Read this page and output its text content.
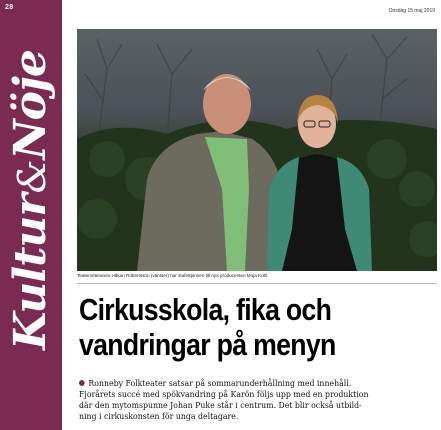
28
Kultur&Nöje
Onsdag 15 maj 2019
Teaterveteranen Håkan Robertsson (vänster) har stafettpinnen till nya producenten Moja Kohl.
Cirkusskola, fika och
vandringar på menyn
Ronneby Folkteater satsar på sommarunderhållning med innehåll.
Fjorårets succé med spökvandring på Karön följs upp med en produktion
där den mytomspunne Johan Puke står i centrum. Det blir också utbild-
ning i cirkuskonsten för unga deltagare.
